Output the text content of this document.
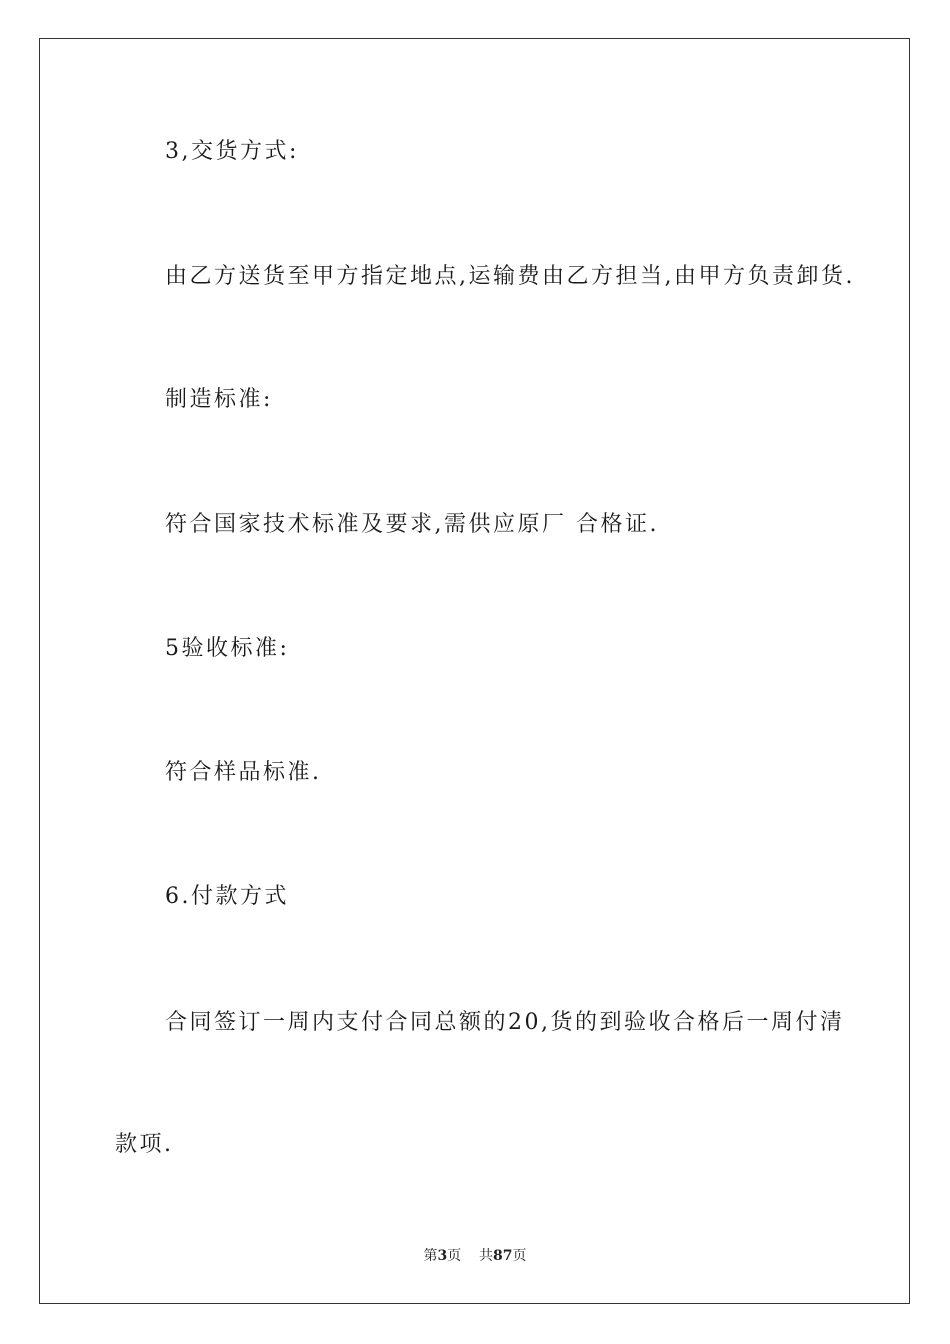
3,交货方式:

由乙方送货至甲方指定地点,运输费由乙方担当,由甲方负责卸货.

制造标准:

符合国家技术标准及要求,需供应原厂 合格证.

5验收标准:

符合样品标准.

6.付款方式

合同签订一周内支付合同总额的20,货的到验收合格后一周付清

款项.

第3页 共87页
